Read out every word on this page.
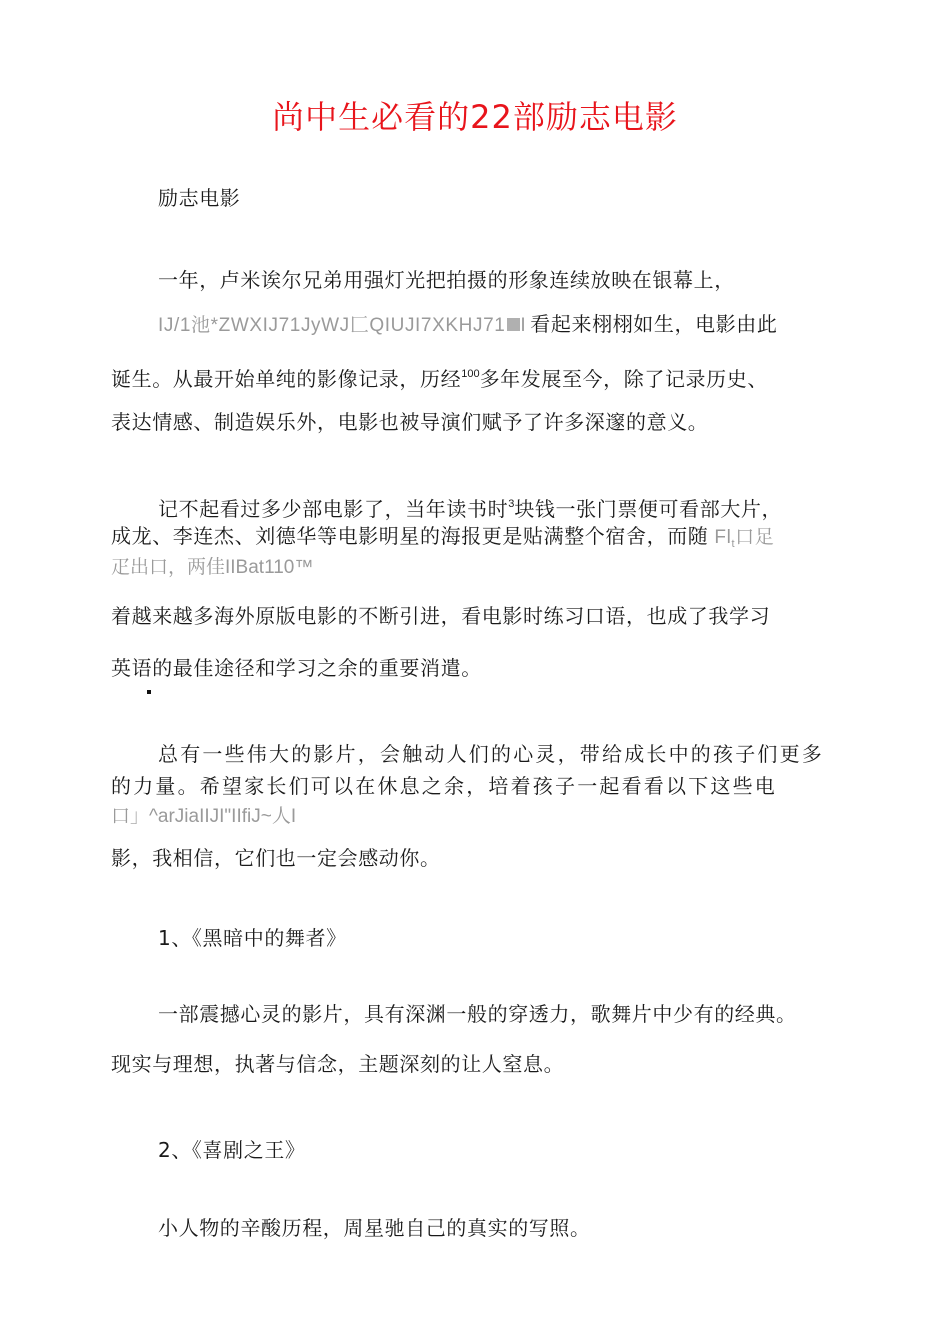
尚中生必看的22部励志电影
励志电影
一年，卢米诶尔兄弟用强灯光把拍摄的形象连续放映在银幕上，
IJ/1池*ZWXIJ71JyWJ匚QIUJI7XKHJ71 I 看起来栩栩如生，电影由此
诞生。从最开始单纯的影像记录，历经$^{100}$多年发展至今，除了记录历史、
表达情感、制造娱乐外，电影也被导演们赋予了许多深邃的意义。
记不起看过多少部电影了，当年读书时$^3$块钱一张门票便可看部大片，
成龙、李连杰、刘德华等电影明星的海报更是贴满整个宿舍，而随 $Fl_t$口足
疋出口，两佳IIBat110™
着越来越多海外原版电影的不断引进，看电影时练习口语，也成了我学习
英语的最佳途径和学习之余的重要消遣。
总有一些伟大的影片，会触动人们的心灵，带给成长中的孩子们更多
的力量。希望家长们可以在休息之余，培着孩子一起看看以下这些电
口」^arJiaIIJI"IIfiJ~人I
影，我相信，它们也一定会感动你。
1、《黑暗中的舞者》
一部震撼心灵的影片，具有深渊一般的穿透力，歌舞片中少有的经典。
现实与理想，执著与信念，主题深刻的让人窒息。
2、《喜剧之王》
小人物的辛酸历程，周星驰自己的真实的写照。
